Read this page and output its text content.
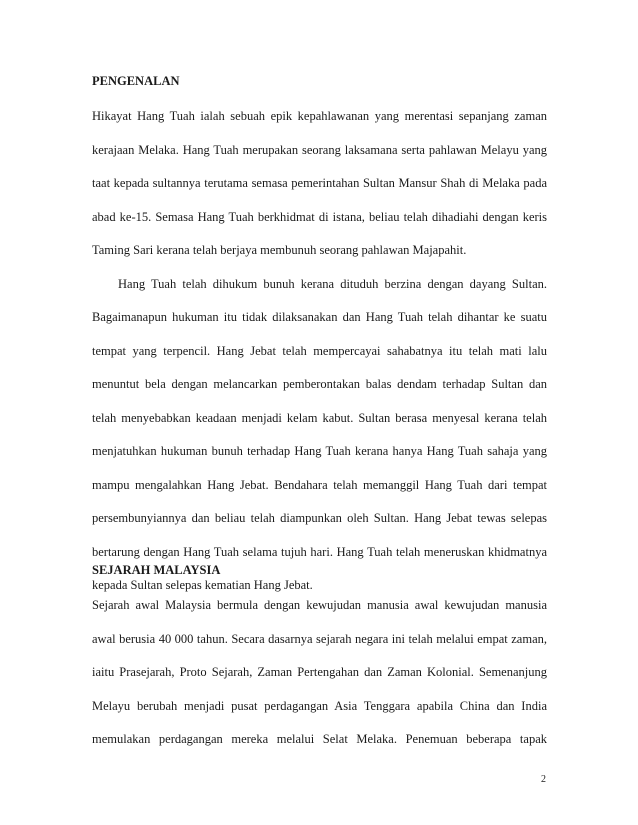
PENGENALAN
Hikayat Hang Tuah ialah sebuah epik kepahlawanan yang merentasi sepanjang zaman
kerajaan Melaka. Hang Tuah merupakan seorang laksamana serta pahlawan Melayu yang
taat kepada sultannya terutama semasa pemerintahan Sultan Mansur Shah di Melaka pada
abad ke-15. Semasa Hang Tuah berkhidmat di istana, beliau telah dihadiahi dengan keris
Taming Sari kerana telah berjaya membunuh seorang pahlawan Majapahit.
Hang Tuah telah dihukum bunuh kerana dituduh berzina dengan dayang Sultan.
Bagaimanapun hukuman itu tidak dilaksanakan dan Hang Tuah telah dihantar ke suatu
tempat yang terpencil. Hang Jebat telah mempercayai sahabatnya itu telah mati lalu
menuntut bela dengan melancarkan pemberontakan balas dendam terhadap Sultan dan
telah menyebabkan keadaan menjadi kelam kabut. Sultan berasa menyesal kerana telah
menjatuhkan hukuman bunuh terhadap Hang Tuah kerana hanya Hang Tuah sahaja yang
mampu mengalahkan Hang Jebat. Bendahara telah memanggil Hang Tuah dari tempat
persembunyiannya dan beliau telah diampunkan oleh Sultan. Hang Jebat tewas selepas
bertarung dengan Hang Tuah selama tujuh hari. Hang Tuah telah meneruskan khidmatnya
kepada Sultan selepas kematian Hang Jebat.
SEJARAH MALAYSIA
Sejarah awal Malaysia bermula dengan kewujudan manusia awal kewujudan manusia
awal berusia 40 000 tahun. Secara dasarnya sejarah negara ini telah melalui empat zaman,
iaitu Prasejarah, Proto Sejarah, Zaman Pertengahan dan Zaman Kolonial. Semenanjung
Melayu berubah menjadi pusat perdagangan Asia Tenggara apabila China dan India
memulakan perdagangan mereka melalui Selat Melaka. Penemuan beberapa tapak
2
